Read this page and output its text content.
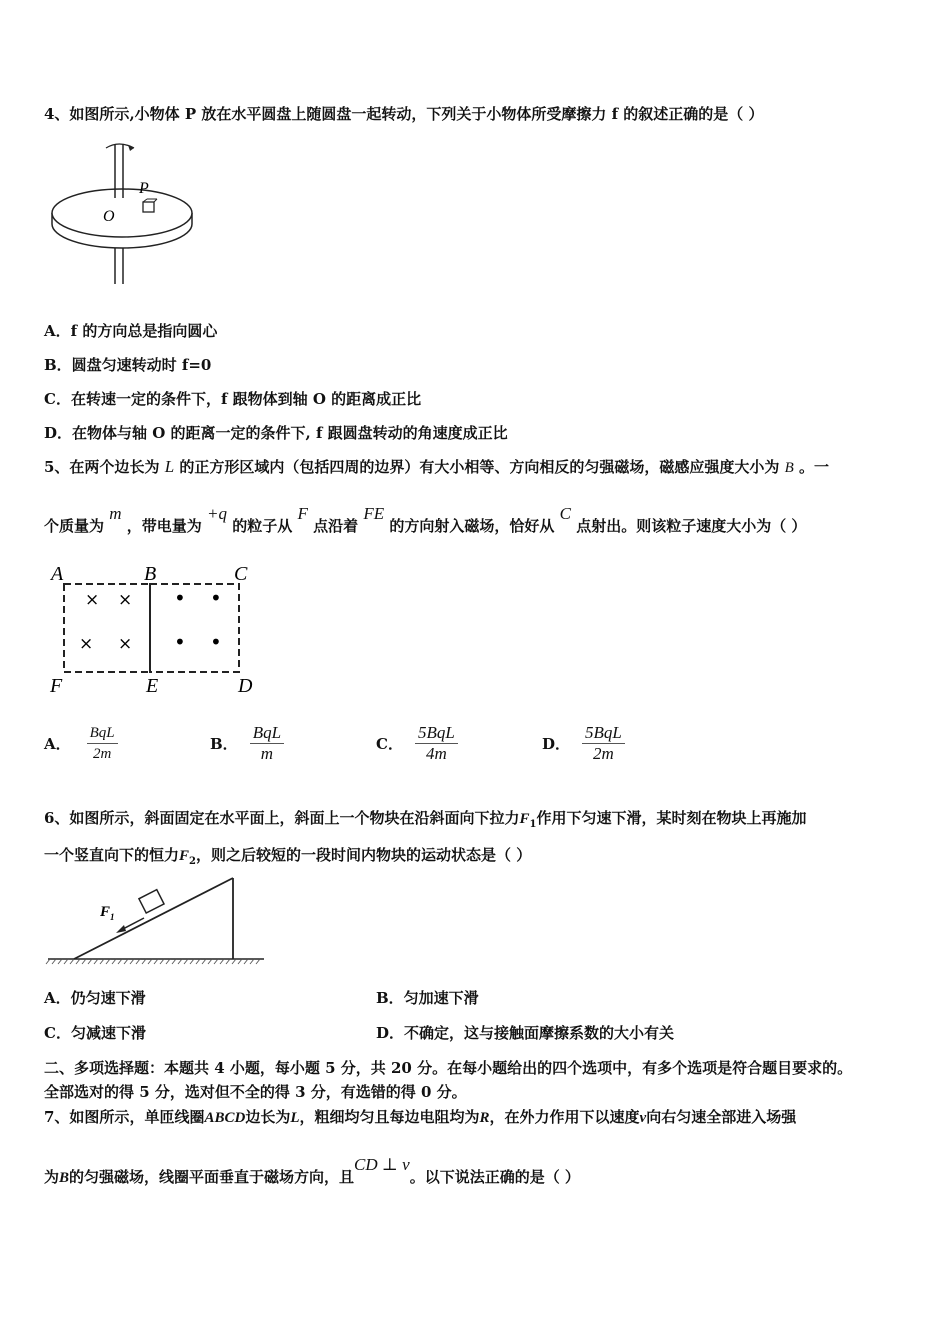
4、如图所示,小物体 P 放在水平圆盘上随圆盘一起转动，下列关于小物体所受摩擦力 f 的叙述正确的是（ ）
P
O
A．f 的方向总是指向圆心
B．圆盘匀速转动时 f=0
C．在转速一定的条件下，f 跟物体到轴 O 的距离成正比
D．在物体与轴 O 的距离一定的条件下, f 跟圆盘转动的角速度成正比
5、在两个边长为 L 的正方形区域内（包括四周的边界）有大小相等、方向相反的匀强磁场，磁感应强度大小为 B 。一
个质量为 m ，带电量为 +q 的粒子从 F 点沿着 FE 的方向射入磁场，恰好从 C 点射出。则该粒子速度大小为（ ）
× ×
× ×
• •
• •
A	B	C
F	E	D
A． $\frac{\text{BqL}}{2m}$	B． $\frac{\text{BqL}}{m}$	C． $\frac{\text{5BqL}}{4m}$	D． $\frac{\text{5BqL}}{2m}$
6、如图所示，斜面固定在水平面上，斜面上一个物块在沿斜面向下拉力$F_1$作用下匀速下滑，某时刻在物块上再施加
一个竖直向下的恒力$F_2$，则之后较短的一段时间内物块的运动状态是（ ）
$F_1$
A．仍匀速下滑	B．匀加速下滑
C．匀减速下滑	D．不确定，这与接触面摩擦系数的大小有关
二、多项选择题：本题共 4 小题，每小题 5 分，共 20 分。在每小题给出的四个选项中，有多个选项是符合题目要求的。
全部选对的得 5 分，选对但不全的得 3 分，有选错的得 0 分。
7、如图所示，单匝线圈ABCD边长为L，粗细均匀且每边电阻均为R，在外力作用下以速度v向右匀速全部进入场强
为B的匀强磁场，线圈平面垂直于磁场方向，且CD ⊥ v。以下说法正确的是（ ）
